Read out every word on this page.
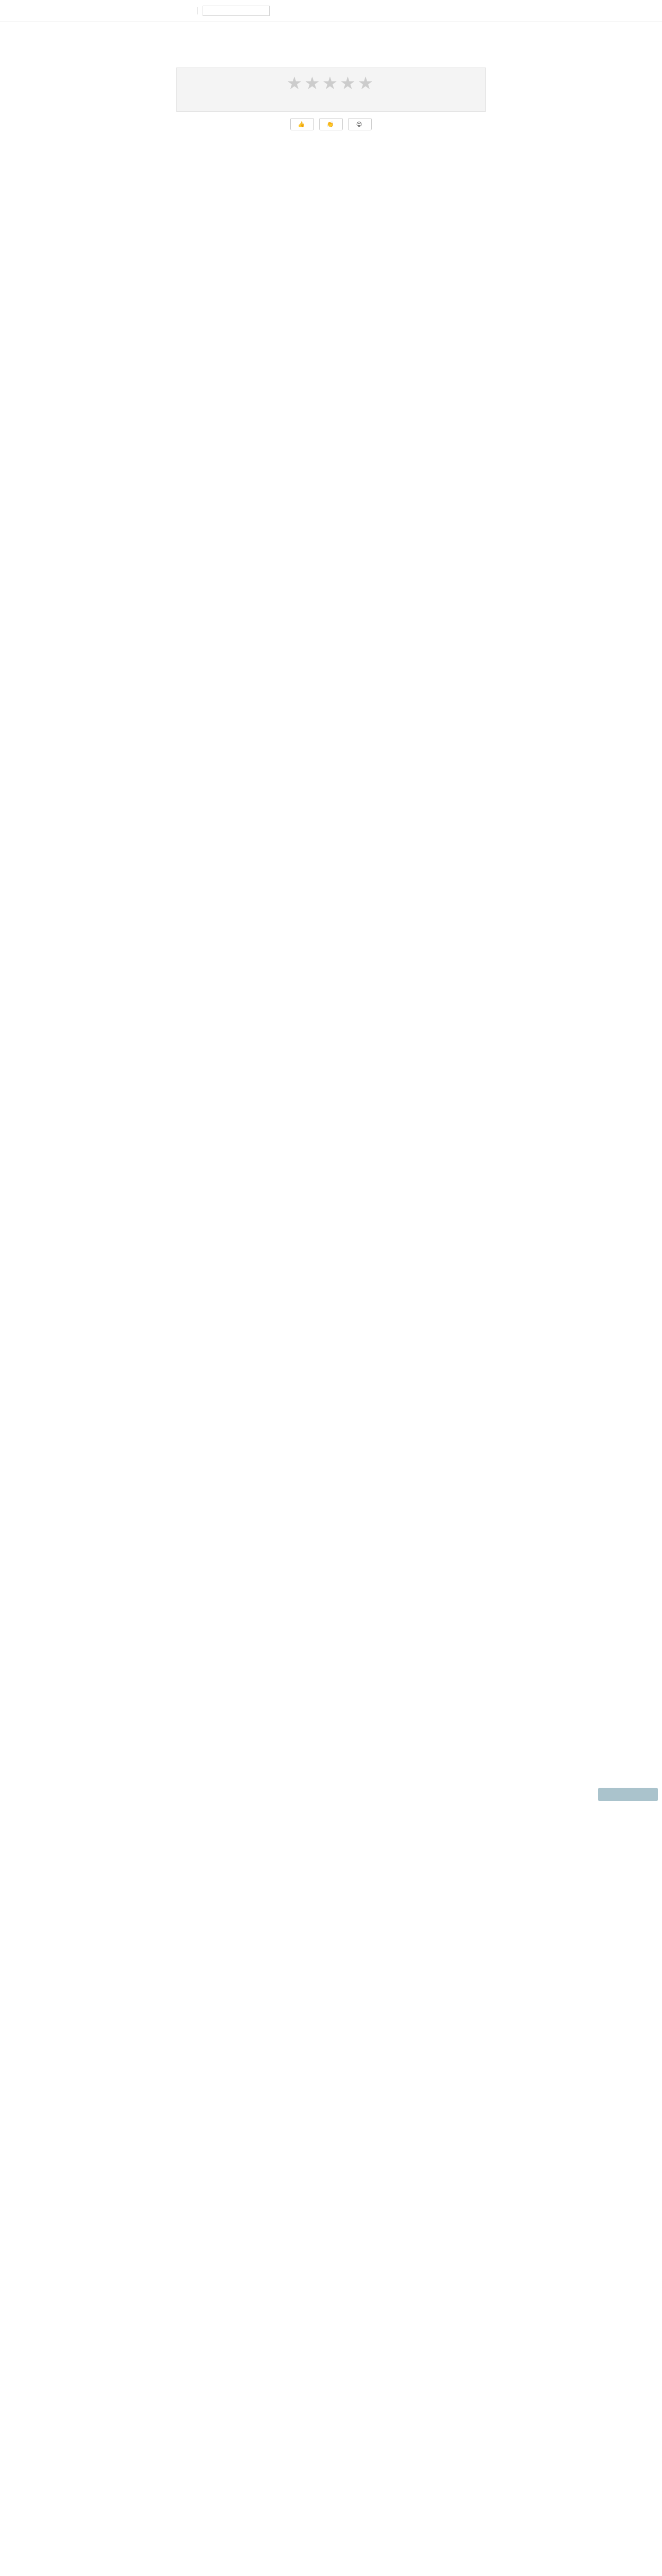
★★★★★
👍	👏	😊
